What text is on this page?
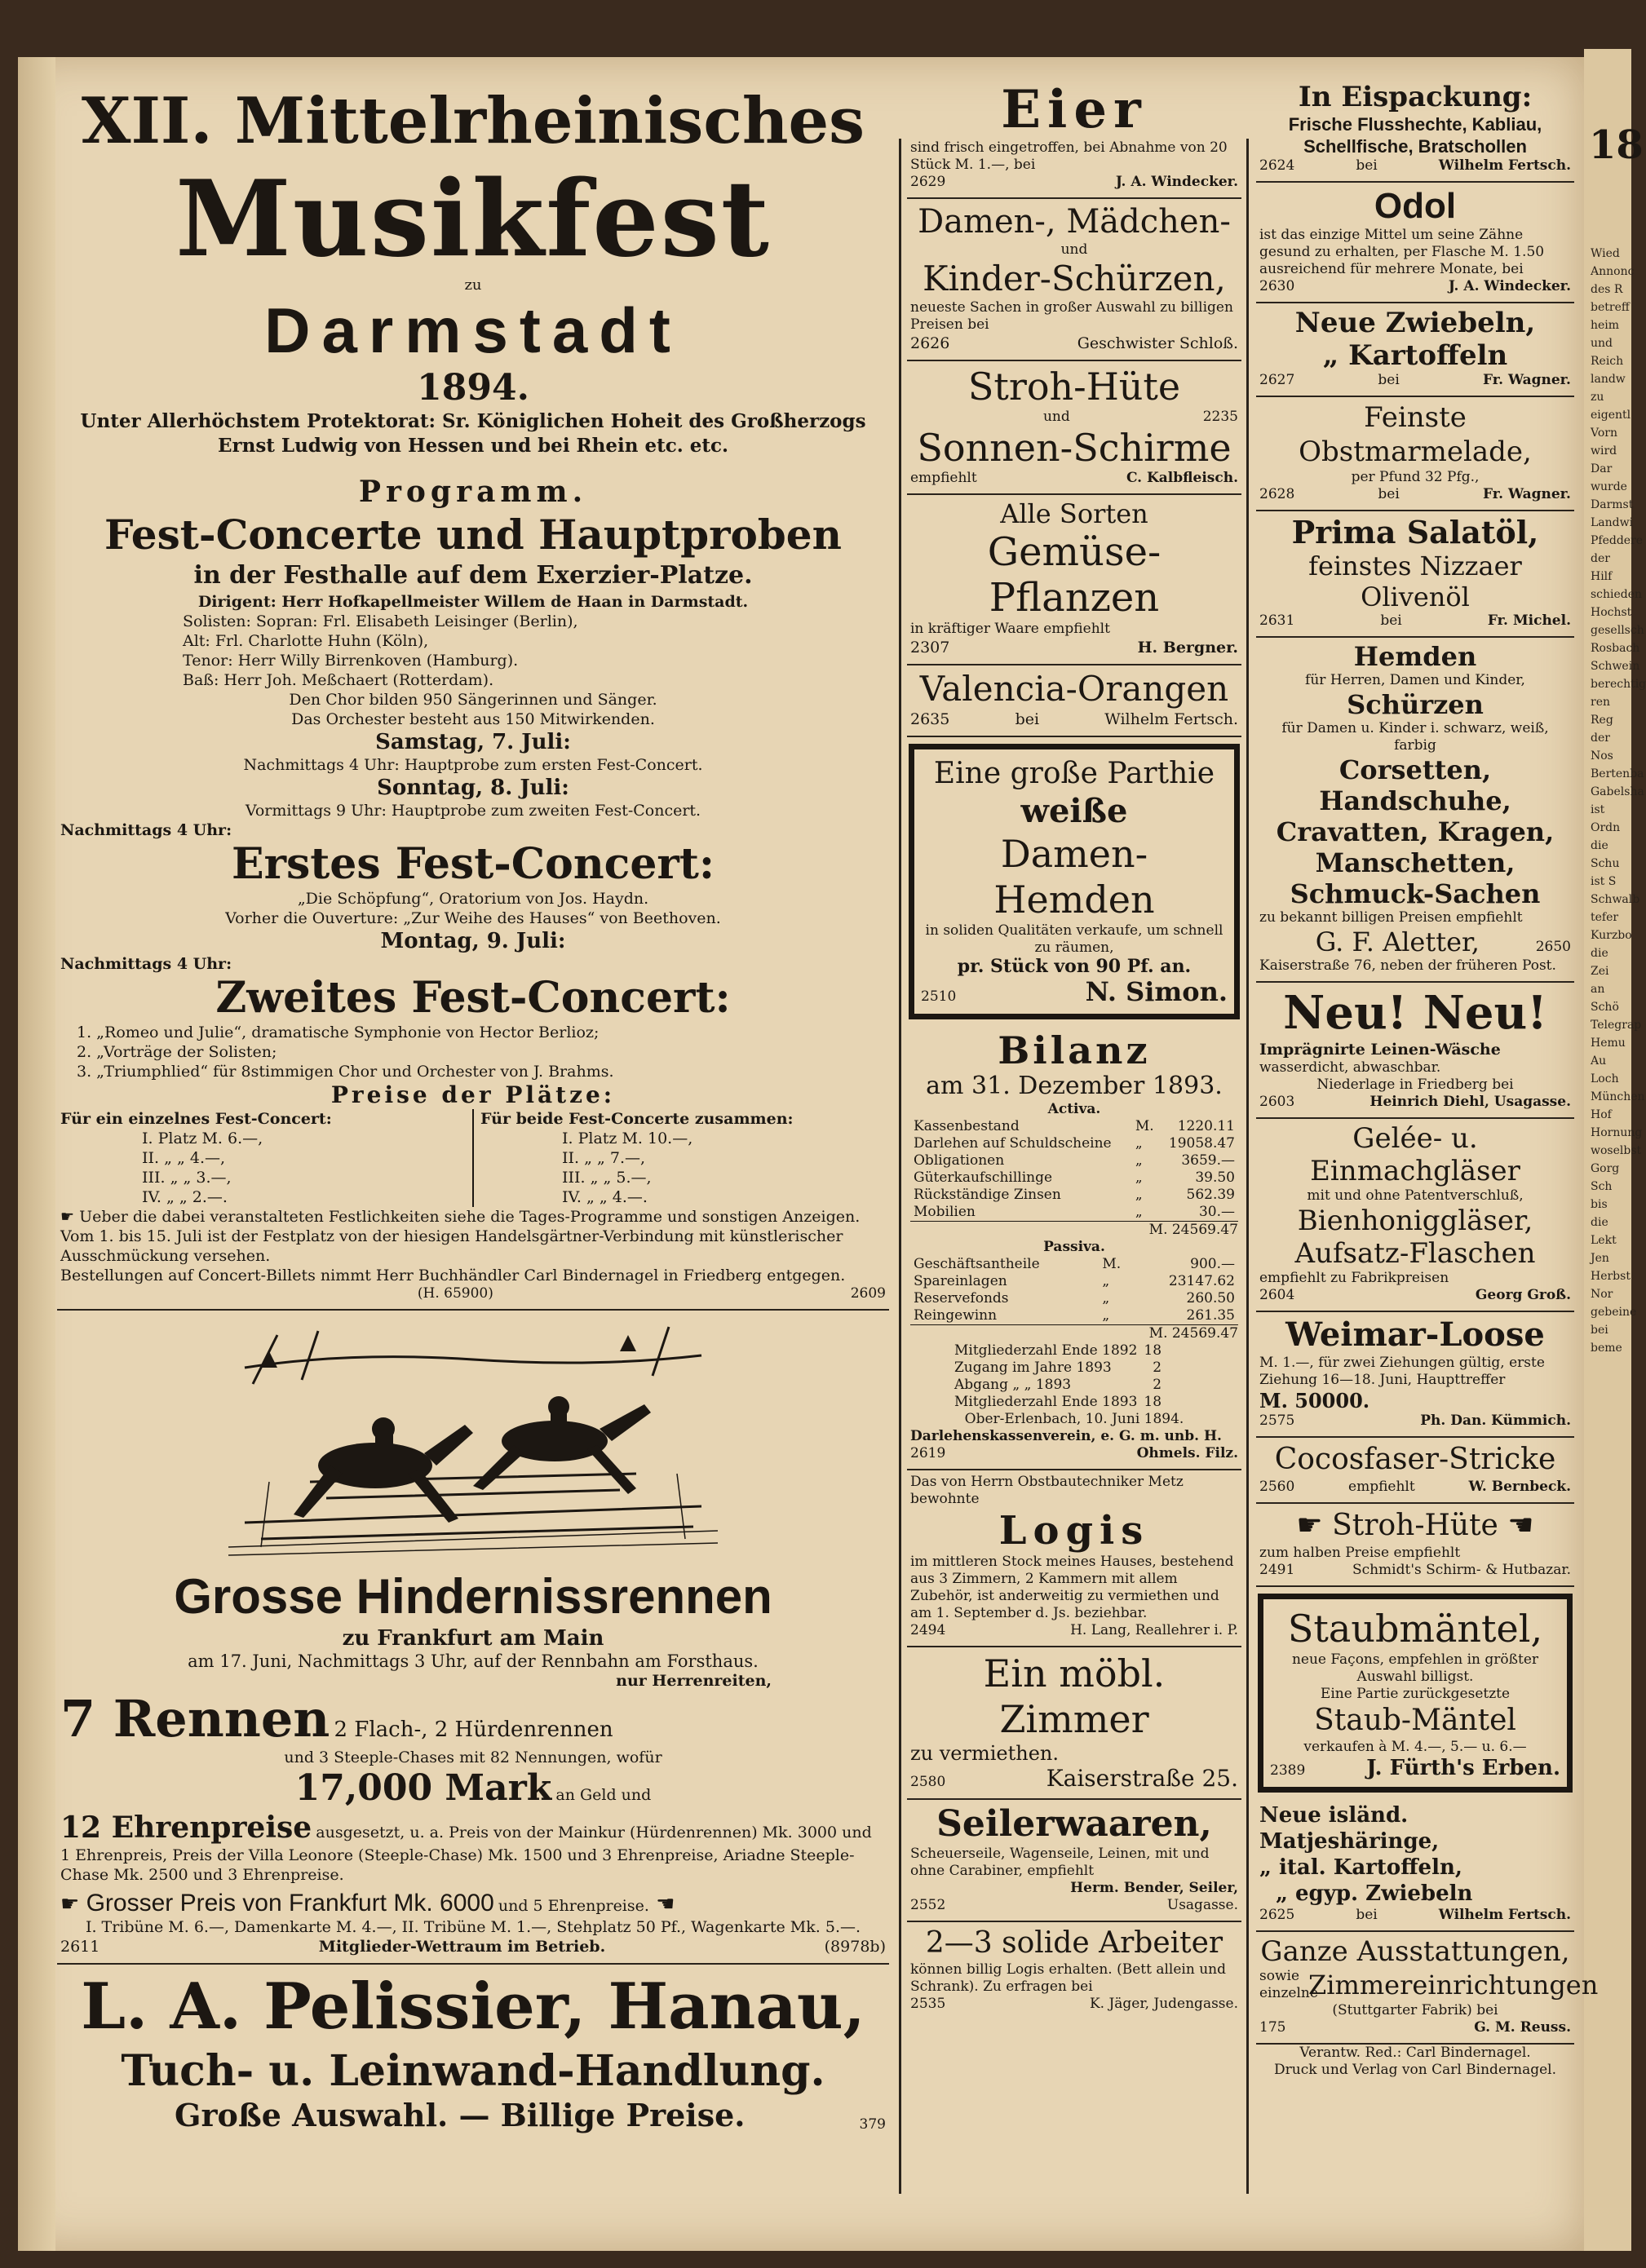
18
Wied
Annonc
des R
betreff
heim
und
Reich
landw
zu
eigentl
Vorn
wird
Dar
wurde
Darmst
Landwi
Pfeddere
der Hilf
schieden
Hochst
gesellsch
Rosbach
Schwein
berechtig
ren Reg
der Nos
Bertenba
Gabelsha
ist Ordn
die Schu
ist S
Schwalb
tefer
Kurzbo
die Zei
an Schö
Telegrap
Hemu
Au
Loch
München
Hof
Hornung
woselbst
Gorg
Sch
bis
die Lekt
Jen
Herbst
Nor
gebeine
bei
beme
XII. Mittelrheinisches
Musikfest
zu
Darmstadt
1894.
Unter Allerhöchstem Protektorat: Sr. Königlichen Hoheit des Großherzogs Ernst Ludwig von Hessen und bei Rhein etc. etc.
Programm.
Fest-Concerte und Hauptproben
in der Festhalle auf dem Exerzier-Platze.
Dirigent: Herr Hofkapellmeister Willem de Haan in Darmstadt.
Solisten: Sopran: Frl. Elisabeth Leisinger (Berlin),
Alt: Frl. Charlotte Huhn (Köln),
Tenor: Herr Willy Birrenkoven (Hamburg).
Baß: Herr Joh. Meßchaert (Rotterdam).
Den Chor bilden 950 Sängerinnen und Sänger.
Das Orchester besteht aus 150 Mitwirkenden.
Samstag, 7. Juli:
Nachmittags 4 Uhr: Hauptprobe zum ersten Fest-Concert.
Sonntag, 8. Juli:
Vormittags 9 Uhr: Hauptprobe zum zweiten Fest-Concert.
Nachmittags 4 Uhr:
Erstes Fest-Concert:
„Die Schöpfung“, Oratorium von Jos. Haydn.
Vorher die Ouverture: „Zur Weihe des Hauses“ von Beethoven.
Montag, 9. Juli:
Nachmittags 4 Uhr:
Zweites Fest-Concert:
1. „Romeo und Julie“, dramatische Symphonie von Hector Berlioz;
2. „Vorträge der Solisten;
3. „Triumphlied“ für 8stimmigen Chor und Orchester von J. Brahms.
Preise der Plätze:
Für ein einzelnes Fest-Concert:
I. Platz M. 6.—,
II. „ „ 4.—,
III. „ „ 3.—,
IV. „ „ 2.—.
Für beide Fest-Concerte zusammen:
I. Platz M. 10.—,
II. „ „ 7.—,
III. „ „ 5.—,
IV. „ „ 4.—.
☛ Ueber die dabei veranstalteten Festlichkeiten siehe die Tages-Programme und sonstigen Anzeigen. Vom 1. bis 15. Juli ist der Festplatz von der hiesigen Handelsgärtner-Verbindung mit künstlerischer Ausschmückung versehen.
Bestellungen auf Concert-Billets nimmt Herr Buchhändler Carl Bindernagel in Friedberg entgegen.
(H. 65900)	2609
Grosse Hindernissrennen
zu Frankfurt am Main
am 17. Juni, Nachmittags 3 Uhr, auf der Rennbahn am Forsthaus.
nur Herrenreiten,
7 Rennen 2 Flach-, 2 Hürdenrennen
und 3 Steeple-Chases mit 82 Nennungen, wofür
17,000 Mark an Geld und
12 Ehrenpreise ausgesetzt, u. a. Preis von der Mainkur (Hürdenrennen) Mk. 3000 und 1 Ehrenpreis, Preis der Villa Leonore (Steeple-Chase) Mk. 1500 und 3 Ehrenpreise, Ariadne Steeple-Chase Mk. 2500 und 3 Ehrenpreise.
☛ Grosser Preis von Frankfurt Mk. 6000 und 5 Ehrenpreise. ☚
I. Tribüne M. 6.—, Damenkarte M. 4.—, II. Tribüne M. 1.—, Stehplatz 50 Pf., Wagenkarte Mk. 5.—.
2611	Mitglieder-Wettraum im Betrieb.	(8978b)
L. A. Pelissier, Hanau,
Tuch- u. Leinwand-Handlung.
Große Auswahl. — Billige Preise.	379
Eier
sind frisch eingetroffen, bei Abnahme von 20 Stück M. 1.—, bei
2629	J. A. Windecker.
Damen-, Mädchen-
und
Kinder-Schürzen,
neueste Sachen in großer Auswahl zu billigen Preisen bei
2626	Geschwister Schloß.
Stroh-Hüte
und	2235
Sonnen-Schirme
empfiehlt	C. Kalbfleisch.
Alle Sorten
Gemüse-Pflanzen
in kräftiger Waare empfiehlt
2307	H. Bergner.
Valencia-Orangen
2635	bei	Wilhelm Fertsch.
Eine große Parthie
weiße
Damen-Hemden
in soliden Qualitäten verkaufe, um schnell zu räumen,
pr. Stück von 90 Pf. an.
2510	N. Simon.
Bilanz
am 31. Dezember 1893.
Activa.
Kassenbestand	M.	1220.11
Darlehen auf Schuldscheine	„	19058.47
Obligationen	„	3659.—
Güterkaufschillinge	„	39.50
Rückständige Zinsen	„	562.39
Mobilien	„	30.—
M. 24569.47
Passiva.
Geschäftsantheile	M.	900.—
Spareinlagen	„	23147.62
Reservefonds	„	260.50
Reingewinn	„	261.35
M. 24569.47
Mitgliederzahl Ende 1892	18
Zugang im Jahre 1893	2
Abgang „ „ 1893	2
Mitgliederzahl Ende 1893	18
Ober-Erlenbach, 10. Juni 1894.
Darlehenskassenverein, e. G. m. unb. H.
2619	Ohmels. Filz.
Das von Herrn Obstbautechniker Metz bewohnte
Logis
im mittleren Stock meines Hauses, bestehend aus 3 Zimmern, 2 Kammern mit allem Zubehör, ist anderweitig zu vermiethen und am 1. September d. Js. beziehbar.
2494	H. Lang, Reallehrer i. P.
Ein möbl. Zimmer
zu vermiethen.
2580	Kaiserstraße 25.
Seilerwaaren,
Scheuerseile, Wagenseile, Leinen, mit und ohne Carabiner, empfiehlt
Herm. Bender, Seiler,
2552	Usagasse.
2—3 solide Arbeiter
können billig Logis erhalten. (Bett allein und Schrank). Zu erfragen bei
2535	K. Jäger, Judengasse.
In Eispackung:
Frische Flusshechte, Kabliau, Schellfische, Bratschollen
2624	bei	Wilhelm Fertsch.
Odol
ist das einzige Mittel um seine Zähne gesund zu erhalten, per Flasche M. 1.50 ausreichend für mehrere Monate, bei
2630	J. A. Windecker.
Neue Zwiebeln,
„ Kartoffeln
2627	bei	Fr. Wagner.
Feinste Obstmarmelade,
per Pfund 32 Pfg.,
2628	bei	Fr. Wagner.
Prima Salatöl,
feinstes Nizzaer Olivenöl
2631	bei	Fr. Michel.
Hemden
für Herren, Damen und Kinder,
Schürzen
für Damen u. Kinder i. schwarz, weiß, farbig
Corsetten, Handschuhe,
Cravatten, Kragen,
Manschetten,
Schmuck-Sachen
zu bekannt billigen Preisen empfiehlt
G. F. Aletter,	2650
Kaiserstraße 76, neben der früheren Post.
Neu! Neu!
Imprägnirte Leinen-Wäsche
wasserdicht, abwaschbar.
Niederlage in Friedberg bei
2603	Heinrich Diehl, Usagasse.
Gelée- u. Einmachgläser
mit und ohne Patentverschluß,
Bienhoniggläser, Aufsatz-Flaschen
empfiehlt zu Fabrikpreisen
2604	Georg Groß.
Weimar-Loose
M. 1.—, für zwei Ziehungen gültig, erste Ziehung 16—18. Juni, Haupttreffer
M. 50000.
2575	Ph. Dan. Kümmich.
Cocosfaser-Stricke
2560	empfiehlt	W. Bernbeck.
☛ Stroh-Hüte ☚
zum halben Preise empfiehlt
2491	Schmidt's Schirm- & Hutbazar.
Staubmäntel,
neue Façons, empfehlen in größter Auswahl billigst.
Eine Partie zurückgesetzte
Staub-Mäntel
verkaufen à M. 4.—, 5.— u. 6.—
2389	J. Fürth's Erben.
Neue isländ. Matjeshäringe,
„ ital. Kartoffeln,
„ egyp. Zwiebeln
2625	bei	Wilhelm Fertsch.
Ganze Ausstattungen,
sowie einzelne
Zimmereinrichtungen
(Stuttgarter Fabrik) bei
175	G. M. Reuss.
Verantw. Red.: Carl Bindernagel.
Druck und Verlag von Carl Bindernagel.
